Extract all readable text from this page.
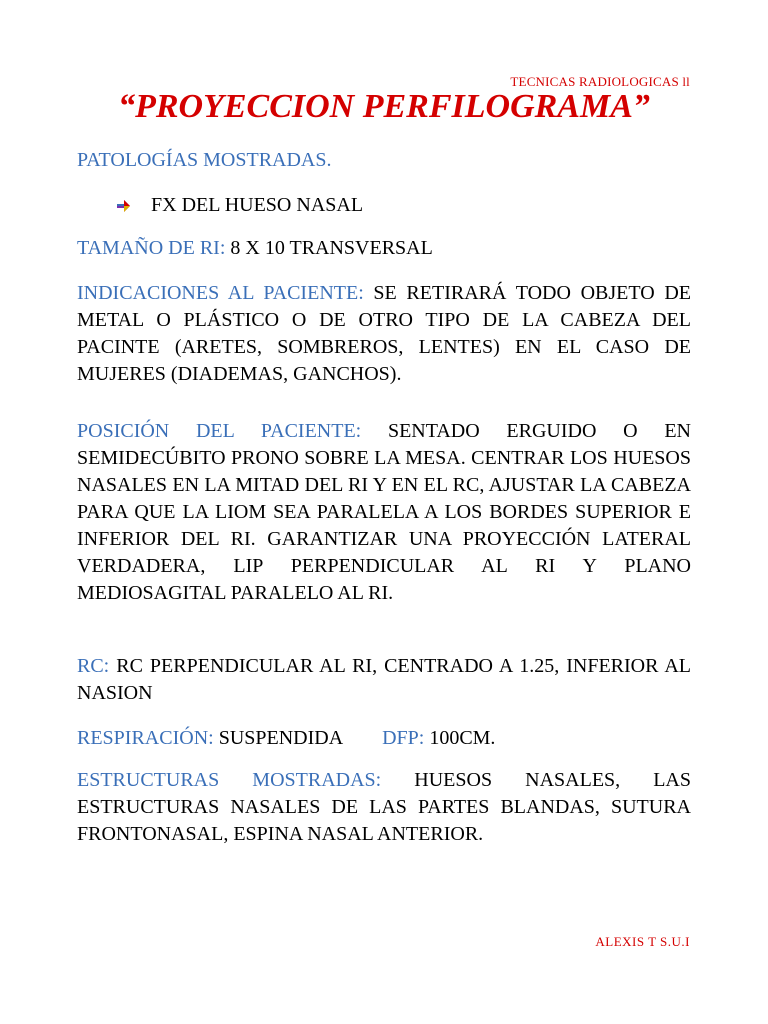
TECNICAS RADIOLOGICAS ll
“PROYECCION PERFILOGRAMA”
PATOLOGÍAS MOSTRADAS.
FX DEL HUESO NASAL
TAMAÑO DE RI: 8 X 10 TRANSVERSAL
INDICACIONES AL PACIENTE: SE RETIRARÁ TODO OBJETO DE METAL O PLÁSTICO O DE OTRO TIPO DE LA CABEZA DEL PACINTE (ARETES, SOMBREROS, LENTES) EN EL CASO DE MUJERES (DIADEMAS, GANCHOS).
POSICIÓN DEL PACIENTE: SENTADO ERGUIDO O EN SEMIDECÚBITO PRONO SOBRE LA MESA. CENTRAR LOS HUESOS NASALES EN LA MITAD DEL RI Y EN EL RC, AJUSTAR LA CABEZA PARA QUE LA LIOM SEA PARALELA A LOS BORDES SUPERIOR E INFERIOR DEL RI. GARANTIZAR UNA PROYECCIÓN LATERAL VERDADERA, LIP PERPENDICULAR AL RI Y PLANO MEDIOSAGITAL PARALELO AL RI.
RC: RC PERPENDICULAR AL RI, CENTRADO A 1.25, INFERIOR AL NASION
RESPIRACIÓN: SUSPENDIDA DFP: 100CM.
ESTRUCTURAS MOSTRADAS: HUESOS NASALES, LAS ESTRUCTURAS NASALES DE LAS PARTES BLANDAS, SUTURA FRONTONASAL, ESPINA NASAL ANTERIOR.
ALEXIS T S.U.I
